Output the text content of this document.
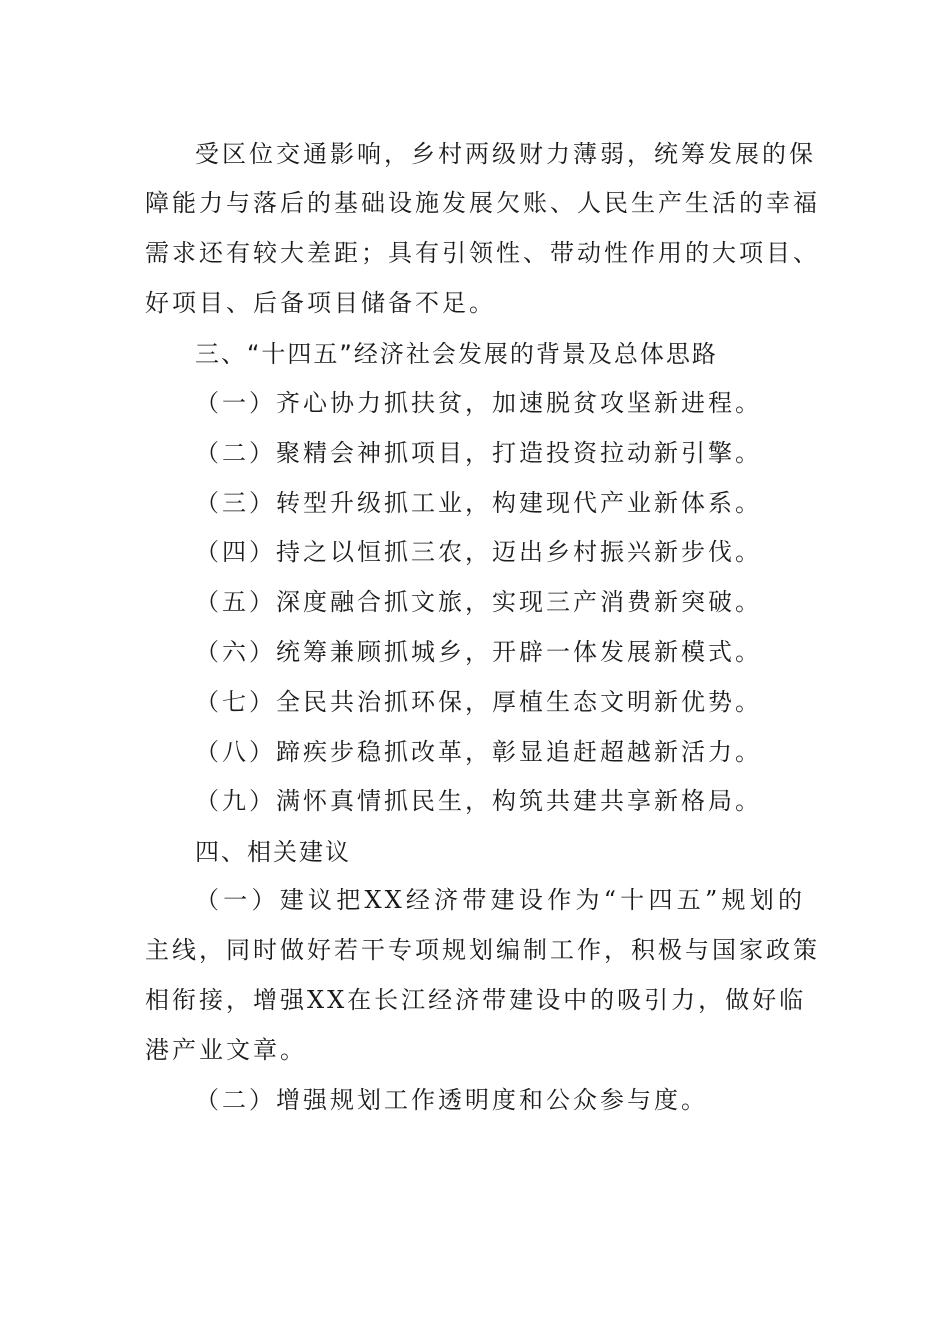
受区位交通影响，乡村两级财力薄弱，统筹发展的保
障能力与落后的基础设施发展欠账、人民生产生活的幸福
需求还有较大差距；具有引领性、带动性作用的大项目、
好项目、后备项目储备不足。
三、“十四五”经济社会发展的背景及总体思路
（一）齐心协力抓扶贫，加速脱贫攻坚新进程。
（二）聚精会神抓项目，打造投资拉动新引擎。
（三）转型升级抓工业，构建现代产业新体系。
（四）持之以恒抓三农，迈出乡村振兴新步伐。
（五）深度融合抓文旅，实现三产消费新突破。
（六）统筹兼顾抓城乡，开辟一体发展新模式。
（七）全民共治抓环保，厚植生态文明新优势。
（八）蹄疾步稳抓改革，彰显追赶超越新活力。
（九）满怀真情抓民生，构筑共建共享新格局。
四、相关建议
（一）建议把XX经济带建设作为“十四五”规划的
主线，同时做好若干专项规划编制工作，积极与国家政策
相衔接，增强XX在长江经济带建设中的吸引力，做好临
港产业文章。
（二）增强规划工作透明度和公众参与度。
